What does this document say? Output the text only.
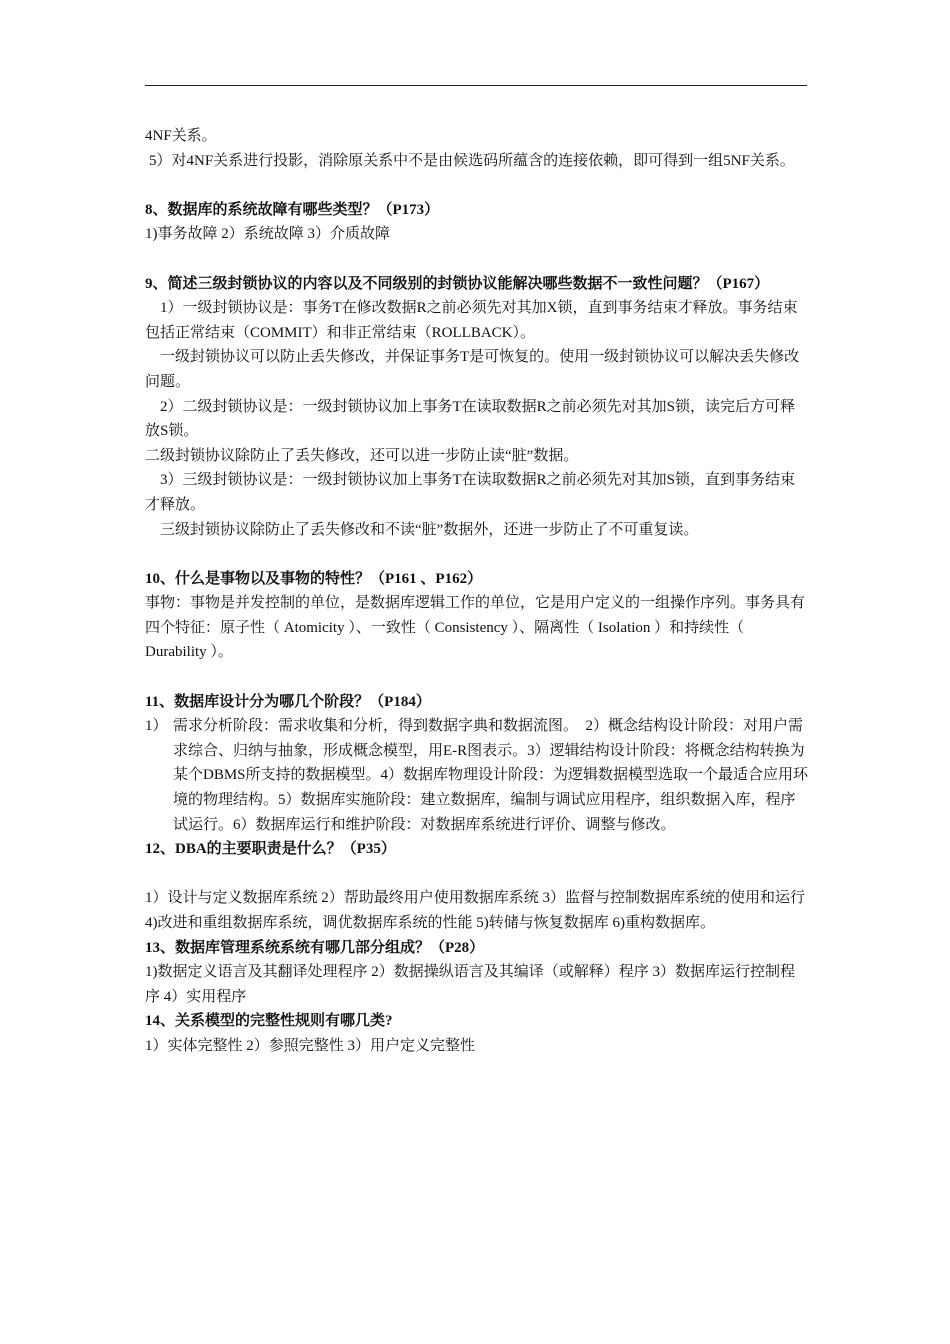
4NF关系。

5）对4NF关系进行投影，消除原关系中不是由候选码所蕴含的连接依赖，即可得到一组5NF关系。

8、数据库的系统故障有哪些类型？（P173）

1)事务故障 2）系统故障 3）介质故障

9、简述三级封锁协议的内容以及不同级别的封锁协议能解决哪些数据不一致性问题？（P167）

1）一级封锁协议是：事务T在修改数据R之前必须先对其加X锁，直到事务结束才释放。事务结束包括正常结束（COMMIT）和非正常结束（ROLLBACK）。

一级封锁协议可以防止丢失修改，并保证事务T是可恢复的。使用一级封锁协议可以解决丢失修改问题。

2）二级封锁协议是：一级封锁协议加上事务T在读取数据R之前必须先对其加S锁，读完后方可释放S锁。

二级封锁协议除防止了丢失修改，还可以进一步防止读“脏”数据。

3）三级封锁协议是：一级封锁协议加上事务T在读取数据R之前必须先对其加S锁，直到事务结束才释放。

三级封锁协议除防止了丢失修改和不读“脏”数据外，还进一步防止了不可重复读。

10、什么是事物以及事物的特性？（P161 、P162）

事物：事物是并发控制的单位，是数据库逻辑工作的单位，它是用户定义的一组操作序列。事务具有四个特征：原子性（ Atomicity ）、一致性（ Consistency ）、隔离性（ Isolation ）和持续性（ Durability ）。

11、数据库设计分为哪几个阶段？（P184）

1） 需求分析阶段：需求收集和分析，得到数据字典和数据流图。　2）概念结构设计阶段：对用户需求综合、归纳与抽象，形成概念模型，用E-R图表示。3）逻辑结构设计阶段：将概念结构转换为某个DBMS所支持的数据模型。4）数据库物理设计阶段：为逻辑数据模型选取一个最适合应用环境的物理结构。5）数据库实施阶段：建立数据库，编制与调试应用程序，组织数据入库，程序试运行。6）数据库运行和维护阶段：对数据库系统进行评价、调整与修改。

12、DBA的主要职责是什么？（P35）

1）设计与定义数据库系统 2）帮助最终用户使用数据库系统 3）监督与控制数据库系统的使用和运行 4)改进和重组数据库系统，调优数据库系统的性能 5)转储与恢复数据库 6)重构数据库。

13、数据库管理系统系统有哪几部分组成？（P28）

1)数据定义语言及其翻译处理程序 2）数据操纵语言及其编译（或解释）程序 3）数据库运行控制程序 4）实用程序

14、关系模型的完整性规则有哪几类?

1）实体完整性 2）参照完整性 3）用户定义完整性
